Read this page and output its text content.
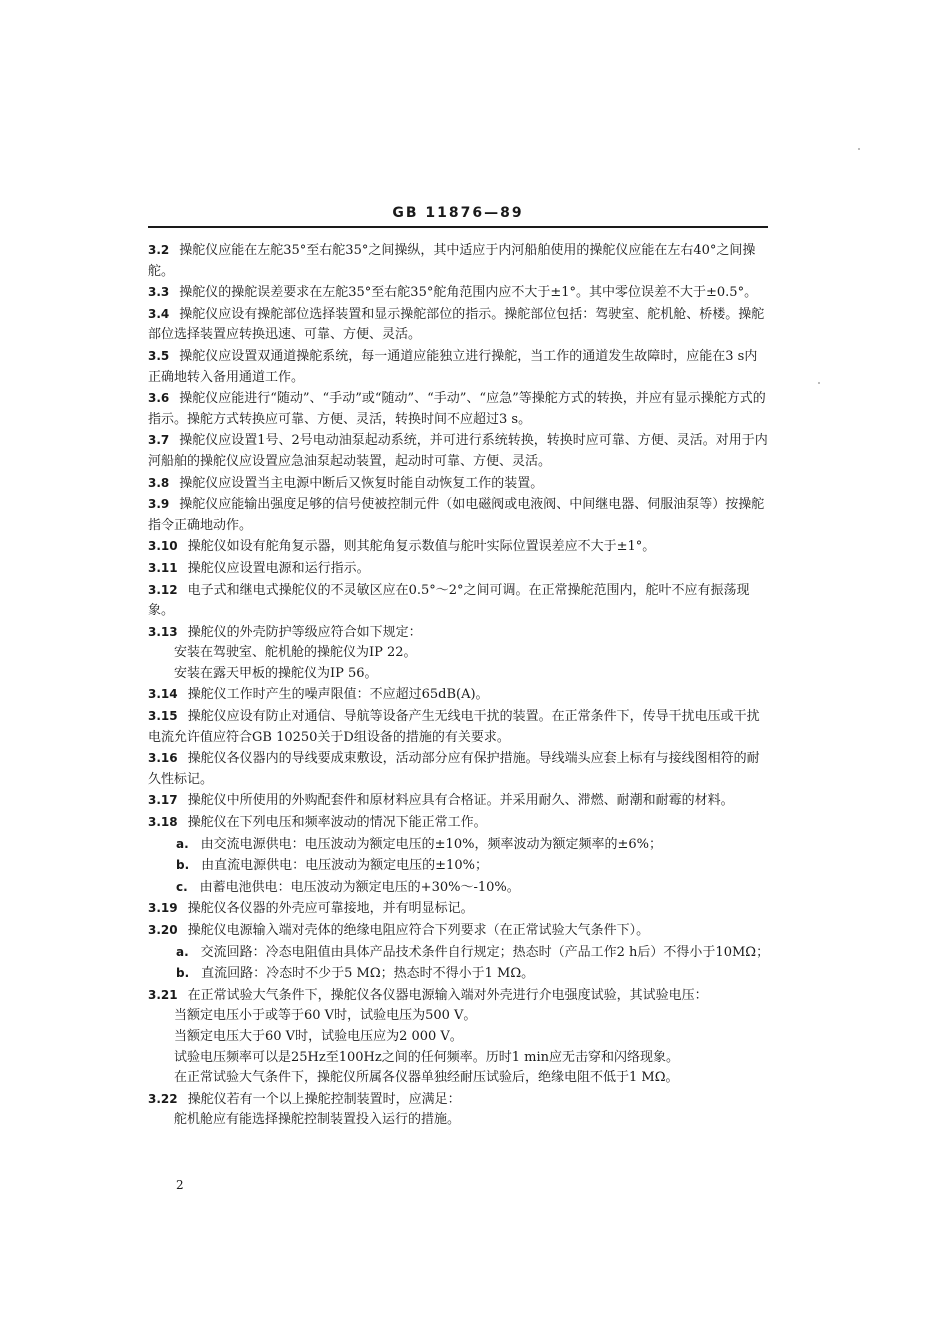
GB 11876—89

3.2 操舵仪应能在左舵35°至右舵35°之间操纵，其中适应于内河船舶使用的操舵仪应能在左右40°之间操舵。

3.3 操舵仪的操舵误差要求在左舵35°至右舵35°舵角范围内应不大于±1°。其中零位误差不大于±0.5°。

3.4 操舵仪应设有操舵部位选择装置和显示操舵部位的指示。操舵部位包括：驾驶室、舵机舱、桥楼。操舵部位选择装置应转换迅速、可靠、方便、灵活。

3.5 操舵仪应设置双通道操舵系统，每一通道应能独立进行操舵，当工作的通道发生故障时，应能在3 s内正确地转入备用通道工作。

3.6 操舵仪应能进行“随动”、“手动”或“随动”、“手动”、“应急”等操舵方式的转换，并应有显示操舵方式的指示。操舵方式转换应可靠、方便、灵活，转换时间不应超过3 s。

3.7 操舵仪应设置1号、2号电动油泵起动系统，并可进行系统转换，转换时应可靠、方便、灵活。对用于内河船舶的操舵仪应设置应急油泵起动装置，起动时可靠、方便、灵活。

3.8 操舵仪应设置当主电源中断后又恢复时能自动恢复工作的装置。

3.9 操舵仪应能输出强度足够的信号使被控制元件（如电磁阀或电液阀、中间继电器、伺服油泵等）按操舵指令正确地动作。

3.10 操舵仪如设有舵角复示器，则其舵角复示数值与舵叶实际位置误差应不大于±1°。

3.11 操舵仪应设置电源和运行指示。

3.12 电子式和继电式操舵仪的不灵敏区应在0.5°～2°之间可调。在正常操舵范围内，舵叶不应有振荡现象。

3.13 操舵仪的外壳防护等级应符合如下规定：

安装在驾驶室、舵机舱的操舵仪为IP 22。

安装在露天甲板的操舵仪为IP 56。

3.14 操舵仪工作时产生的噪声限值：不应超过65dB(A)。

3.15 操舵仪应设有防止对通信、导航等设备产生无线电干扰的装置。在正常条件下，传导干扰电压或干扰电流允许值应符合GB 10250关于D组设备的措施的有关要求。

3.16 操舵仪各仪器内的导线要成束敷设，活动部分应有保护措施。导线端头应套上标有与接线图相符的耐久性标记。

3.17 操舵仪中所使用的外购配套件和原材料应具有合格证。并采用耐久、滞燃、耐潮和耐霉的材料。

3.18 操舵仪在下列电压和频率波动的情况下能正常工作。

a. 由交流电源供电：电压波动为额定电压的±10%，频率波动为额定频率的±6%；

b. 由直流电源供电：电压波动为额定电压的±10%；

c. 由蓄电池供电：电压波动为额定电压的+30%～-10%。

3.19 操舵仪各仪器的外壳应可靠接地，并有明显标记。

3.20 操舵仪电源输入端对壳体的绝缘电阻应符合下列要求（在正常试验大气条件下）。

a. 交流回路：冷态电阻值由具体产品技术条件自行规定；热态时（产品工作2 h后）不得小于10MΩ；

b. 直流回路：冷态时不少于5 MΩ；热态时不得小于1 MΩ。

3.21 在正常试验大气条件下，操舵仪各仪器电源输入端对外壳进行介电强度试验，其试验电压：

当额定电压小于或等于60 V时，试验电压为500 V。

当额定电压大于60 V时，试验电压应为2 000 V。

试验电压频率可以是25Hz至100Hz之间的任何频率。历时1 min应无击穿和闪络现象。

在正常试验大气条件下，操舵仪所属各仪器单独经耐压试验后，绝缘电阻不低于1 MΩ。

3.22 操舵仪若有一个以上操舵控制装置时，应满足：

舵机舱应有能选择操舵控制装置投入运行的措施。

2
